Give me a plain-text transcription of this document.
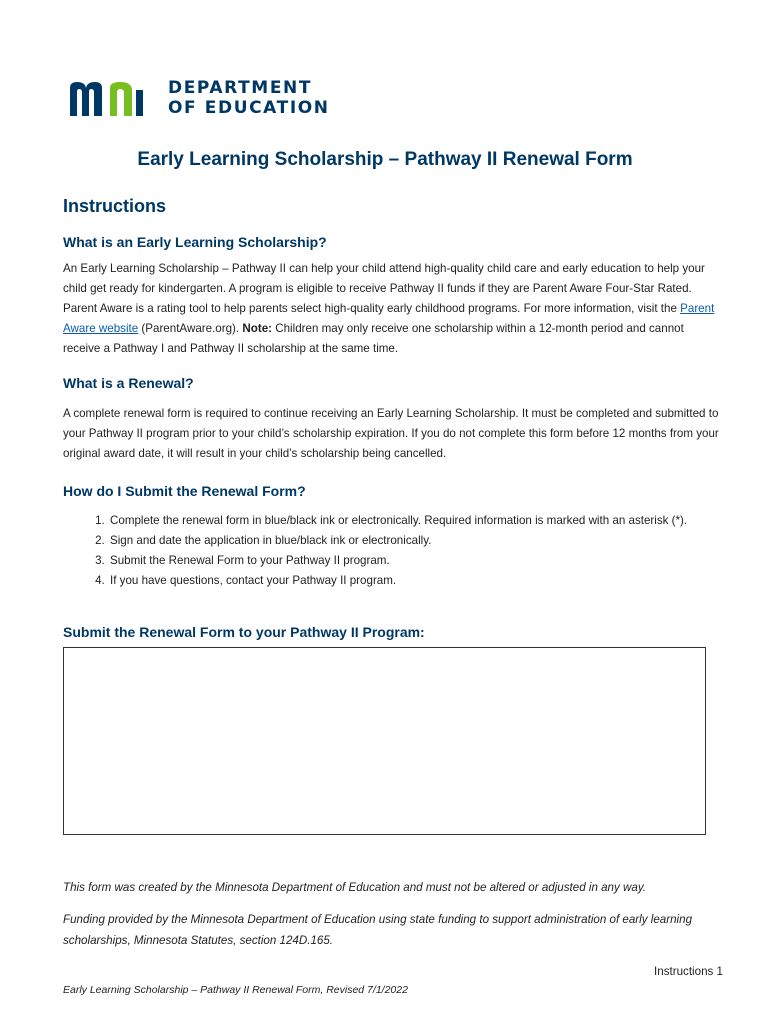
DEPARTMENT
OF EDUCATION
Early Learning Scholarship – Pathway II Renewal Form
Instructions
What is an Early Learning Scholarship?
An Early Learning Scholarship – Pathway II can help your child attend high-quality child care and early education to help your child get ready for kindergarten. A program is eligible to receive Pathway II funds if they are Parent Aware Four-Star Rated. Parent Aware is a rating tool to help parents select high-quality early childhood programs. For more information, visit the Parent Aware website (ParentAware.org). Note: Children may only receive one scholarship within a 12-month period and cannot receive a Pathway I and Pathway II scholarship at the same time.
What is a Renewal?
A complete renewal form is required to continue receiving an Early Learning Scholarship. It must be completed and submitted to your Pathway II program prior to your child’s scholarship expiration. If you do not complete this form before 12 months from your original award date, it will result in your child’s scholarship being cancelled.
How do I Submit the Renewal Form?
1. Complete the renewal form in blue/black ink or electronically. Required information is marked with an asterisk (*).
2. Sign and date the application in blue/black ink or electronically.
3. Submit the Renewal Form to your Pathway II program.
4. If you have questions, contact your Pathway II program.
Submit the Renewal Form to your Pathway II Program:
This form was created by the Minnesota Department of Education and must not be altered or adjusted in any way.
Funding provided by the Minnesota Department of Education using state funding to support administration of early learning scholarships, Minnesota Statutes, section 124D.165.
Instructions 1
Early Learning Scholarship – Pathway II Renewal Form, Revised 7/1/2022
